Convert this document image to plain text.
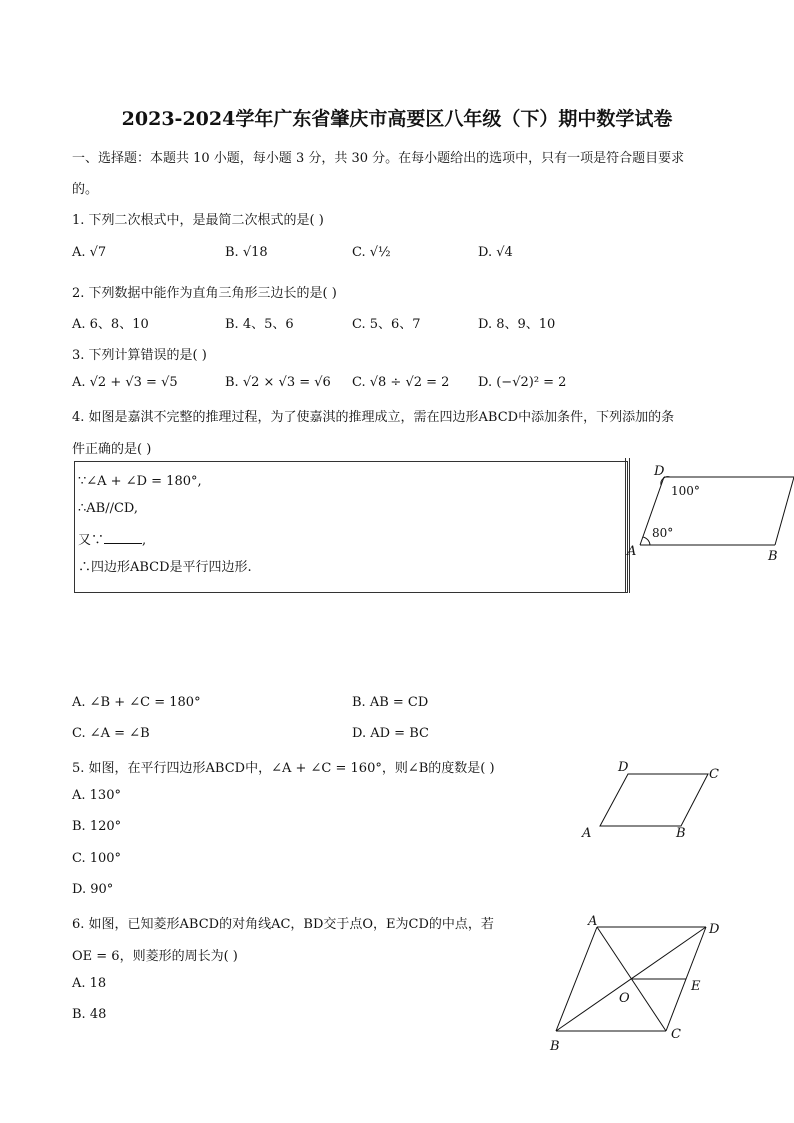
2023-2024学年广东省肇庆市高要区八年级（下）期中数学试卷
一、选择题：本题共 10 小题，每小题 3 分，共 30 分。在每小题给出的选项中，只有一项是符合题目要求
的。
1. 下列二次根式中，是最简二次根式的是( )
A. √7	B. √18	C. √½	D. √4
2. 下列数据中能作为直角三角形三边长的是( )
A. 6、8、10	B. 4、5、6	C. 5、6、7	D. 8、9、10
3. 下列计算错误的是( )
A. √2 + √3 = √5	B. √2 × √3 = √6 C. √8 ÷ √2 = 2 D. (−√2)² = 2
4. 如图是嘉淇不完整的推理过程，为了使嘉淇的推理成立，需在四边形ABCD中添加条件，下列添加的条
件正确的是( )
∵∠A + ∠D = 180°,
∴AB//CD,
又∵	,
∴四边形ABCD是平行四边形.
D
A	B
100°
80°
A. ∠B + ∠C = 180°	B. AB = CD
C. ∠A = ∠B	D. AD = BC
5. 如图，在平行四边形ABCD中，∠A + ∠C = 160°，则∠B的度数是( )
A. 130°
B. 120°
C. 100°
D. 90°
D	C
A	B
6. 如图，已知菱形ABCD的对角线AC，BD交于点O，E为CD的中点，若
OE = 6，则菱形的周长为( )
A. 18
B. 48
A
D
E
O
B
C
